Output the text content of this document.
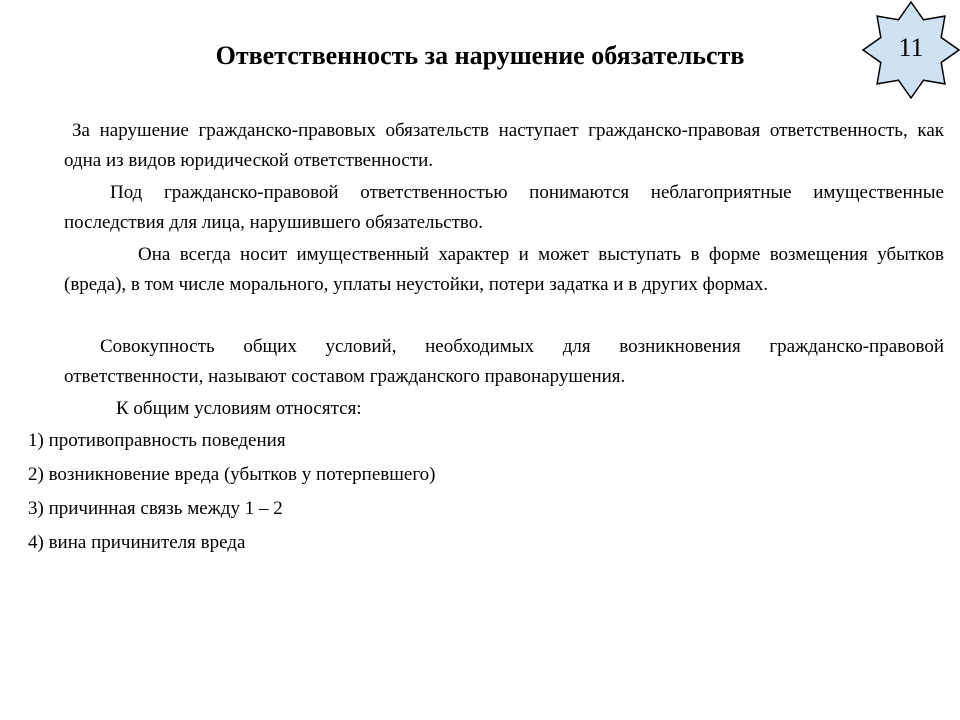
Ответственность за нарушение обязательств	11
За нарушение гражданско-правовых обязательств наступает гражданско-правовая ответственность, как одна из видов юридической ответственности.
Под гражданско-правовой ответственностью понимаются неблагоприятные имущественные последствия для лица, нарушившего обязательство.
Она всегда носит имущественный характер и может выступать в форме возмещения убытков (вреда), в том числе морального, уплаты неустойки, потери задатка и в других формах.
Совокупность общих условий, необходимых для возникновения гражданско-правовой ответственности, называют составом гражданского правонарушения.
К общим условиям относятся:
1) противоправность поведения
2) возникновение вреда (убытков у потерпевшего)
3) причинная связь между 1 – 2
4) вина причинителя вреда
